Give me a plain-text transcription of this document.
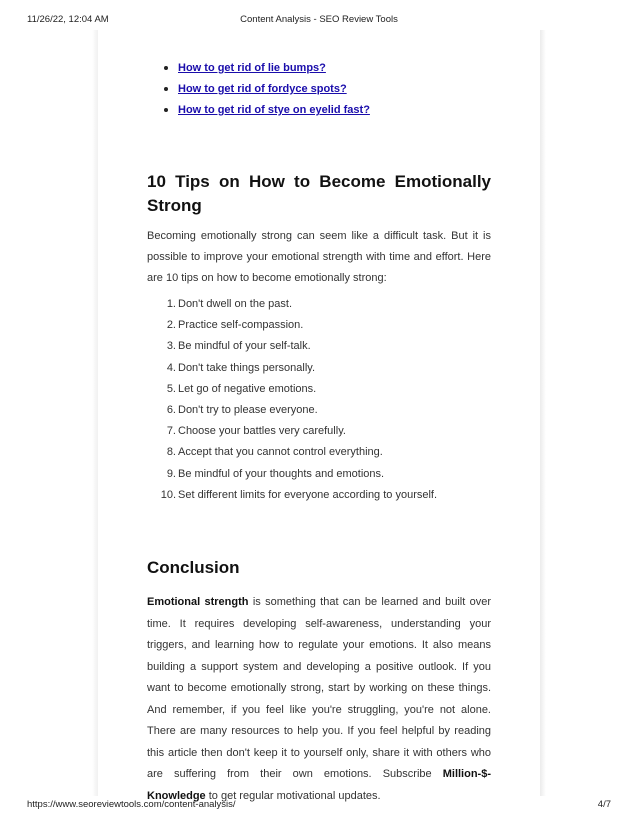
11/26/22, 12:04 AM	Content Analysis - SEO Review Tools
How to get rid of lie bumps?
How to get rid of fordyce spots?
How to get rid of stye on eyelid fast?
10 Tips on How to Become Emotionally
Strong

Becoming emotionally strong can seem like a difficult task. But it is possible to improve your emotional strength with time and effort. Here are 10 tips on how to become emotionally strong:

1. Don't dwell on the past.
2. Practice self-compassion.
3. Be mindful of your self-talk.
4. Don't take things personally.
5. Let go of negative emotions.
6. Don't try to please everyone.
7. Choose your battles very carefully.
8. Accept that you cannot control everything.
9. Be mindful of your thoughts and emotions.
10. Set different limits for everyone according to yourself.
Conclusion

Emotional strength is something that can be learned and built over time. It requires developing self-awareness, understanding your triggers, and learning how to regulate your emotions. It also means building a support system and developing a positive outlook. If you want to become emotionally strong, start by working on these things. And remember, if you feel like you're struggling, you're not alone. There are many resources to help you. If you feel helpful by reading this article then don't keep it to yourself only, share it with others who are suffering from their own emotions. Subscribe Million-$-Knowledge to get regular motivational updates.

https://www.seoreviewtools.com/content-analysis/	4/7
